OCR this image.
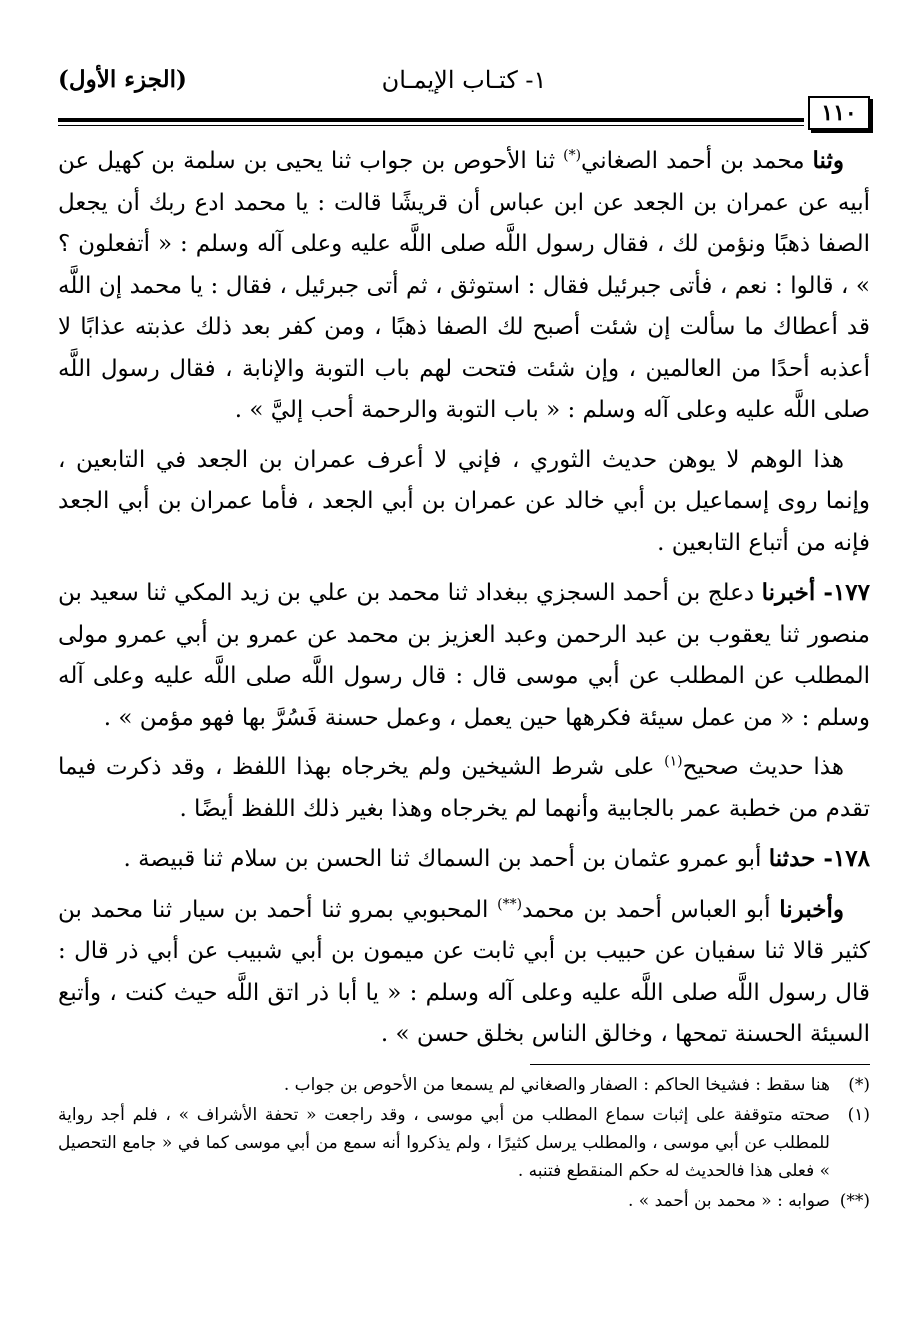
١- كتـاب الإيمـان
(الجزء الأول)
١١٠

وثنا محمد بن أحمد الصغاني(*) ثنا الأحوص بن جواب ثنا يحيى بن سلمة بن كهيل عن أبيه عن عمران بن الجعد عن ابن عباس أن قريشًا قالت : يا محمد ادع ربك أن يجعل الصفا ذهبًا ونؤمن لك ، فقال رسول اللَّه صلى اللَّه عليه وعلى آله وسلم : « أتفعلون ؟ » ، قالوا : نعم ، فأتى جبرئيل فقال : استوثق ، ثم أتى جبرئيل ، فقال : يا محمد إن اللَّه قد أعطاك ما سألت إن شئت أصبح لك الصفا ذهبًا ، ومن كفر بعد ذلك عذبته عذابًا لا أعذبه أحدًا من العالمين ، وإن شئت فتحت لهم باب التوبة والإنابة ، فقال رسول اللَّه صلى اللَّه عليه وعلى آله وسلم : « باب التوبة والرحمة أحب إليَّ » .

هذا الوهم لا يوهن حديث الثوري ، فإني لا أعرف عمران بن الجعد في التابعين ، وإنما روى إسماعيل بن أبي خالد عن عمران بن أبي الجعد ، فأما عمران بن أبي الجعد فإنه من أتباع التابعين .

١٧٧- أخبرنا دعلج بن أحمد السجزي ببغداد ثنا محمد بن علي بن زيد المكي ثنا سعيد بن منصور ثنا يعقوب بن عبد الرحمن وعبد العزيز بن محمد عن عمرو بن أبي عمرو مولى المطلب عن المطلب عن أبي موسى قال : قال رسول اللَّه صلى اللَّه عليه وعلى آله وسلم : « من عمل سيئة فكرهها حين يعمل ، وعمل حسنة فَسُرَّ بها فهو مؤمن » .

هذا حديث صحيح$^{(١)}$ على شرط الشيخين ولم يخرجاه بهذا اللفظ ، وقد ذكرت فيما تقدم من خطبة عمر بالجابية وأنهما لم يخرجاه وهذا بغير ذلك اللفظ أيضًا .

١٧٨- حدثنا أبو عمرو عثمان بن أحمد بن السماك ثنا الحسن بن سلام ثنا قبيصة .

وأخبرنا أبو العباس أحمد بن محمد(**) المحبوبي بمرو ثنا أحمد بن سيار ثنا محمد بن كثير قالا ثنا سفيان عن حبيب بن أبي ثابت عن ميمون بن أبي شبيب عن أبي ذر قال : قال رسول اللَّه صلى اللَّه عليه وعلى آله وسلم : « يا أبا ذر اتق اللَّه حيث كنت ، وأتبع السيئة الحسنة تمحها ، وخالق الناس بخلق حسن » .

(*)
هنا سقط : فشيخا الحاكم : الصفار والصغاني لم يسمعا من الأحوص بن جواب .
(١)
صحته متوقفة على إثبات سماع المطلب من أبي موسى ، وقد راجعت « تحفة الأشراف » ، فلم أجد رواية للمطلب عن أبي موسى ، والمطلب يرسل كثيرًا ، ولم يذكروا أنه سمع من أبي موسى كما في « جامع التحصيل » فعلى هذا فالحديث له حكم المنقطع فتنبه .
(**)
صوابه : « محمد بن أحمد » .
